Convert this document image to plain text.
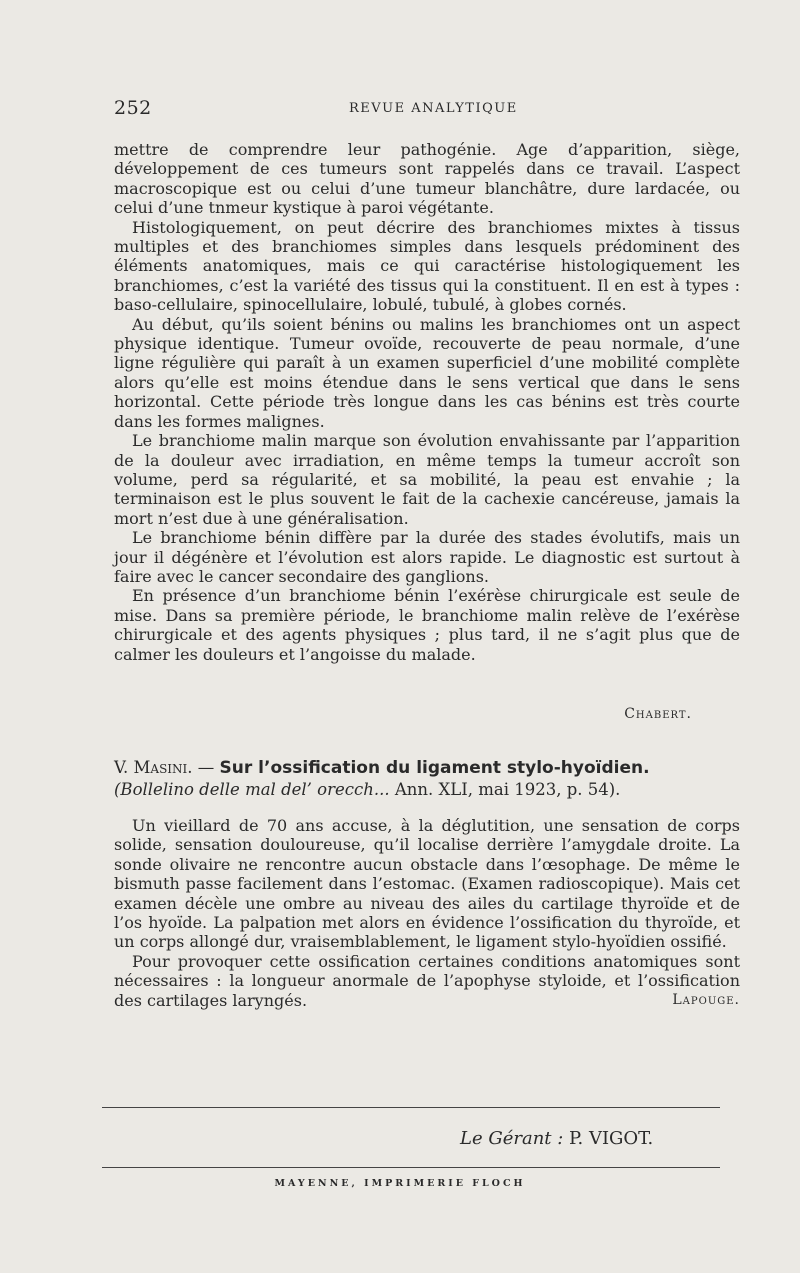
252	REVUE ANALYTIQUE

mettre de comprendre leur pathogénie. Age d’apparition, siège, développement de ces tumeurs sont rappelés dans ce travail. L’aspect macroscopique est ou celui d’une tumeur blanchâtre, dure lardacée, ou celui d’une tnmeur kystique à paroi végétante.

Histologiquement, on peut décrire des branchiomes mixtes à tissus multiples et des branchiomes simples dans lesquels prédominent des éléments anatomiques, mais ce qui caractérise histologiquement les branchiomes, c’est la variété des tissus qui la constituent. Il en est à types : baso-cellulaire, spinocellulaire, lobulé, tubulé, à globes cornés.

Au début, qu’ils soient bénins ou malins les branchiomes ont un aspect physique identique. Tumeur ovoïde, recouverte de peau normale, d’une ligne régulière qui paraît à un examen superficiel d’une mobilité complète alors qu’elle est moins étendue dans le sens vertical que dans le sens horizontal. Cette période très longue dans les cas bénins est très courte dans les formes malignes.

Le branchiome malin marque son évolution envahissante par l’apparition de la douleur avec irradiation, en même temps la tumeur accroît son volume, perd sa régularité, et sa mobilité, la peau est envahie ; la terminaison est le plus souvent le fait de la cachexie cancéreuse, jamais la mort n’est due à une généralisation.

Le branchiome bénin diffère par la durée des stades évolutifs, mais un jour il dégénère et l’évolution est alors rapide. Le diagnostic est surtout à faire avec le cancer secondaire des ganglions.

En présence d’un branchiome bénin l’exérèse chirurgicale est seule de mise. Dans sa première période, le branchiome malin relève de l’exérèse chirurgicale et des agents physiques ; plus tard, il ne s’agit plus que de calmer les douleurs et l’angoisse du malade.

Chabert.
V. Masini. — Sur l’ossification du ligament stylo-hyoïdien.
(Bollelino delle mal del’ orecch... Ann. XLI, mai 1923, p. 54).

Un vieillard de 70 ans accuse, à la déglutition, une sensation de corps solide, sensation douloureuse, qu’il localise derrière l’amygdale droite. La sonde olivaire ne rencontre aucun obstacle dans l’œsophage. De même le bismuth passe facilement dans l’estomac. (Examen radioscopique). Mais cet examen décèle une ombre au niveau des ailes du cartilage thyroïde et de l’os hyoïde. La palpation met alors en évidence l’ossification du thyroïde, et un corps allongé dur, vraisemblablement, le ligament stylo-hyoïdien ossifié.

Pour provoquer cette ossification certaines conditions anatomiques sont nécessaires : la longueur anormale de l’apophyse styloide, et l’ossification des cartilages laryngés.	Lapouge.

Le Gérant : P. VIGOT.
MAYENNE, IMPRIMERIE FLOCH
